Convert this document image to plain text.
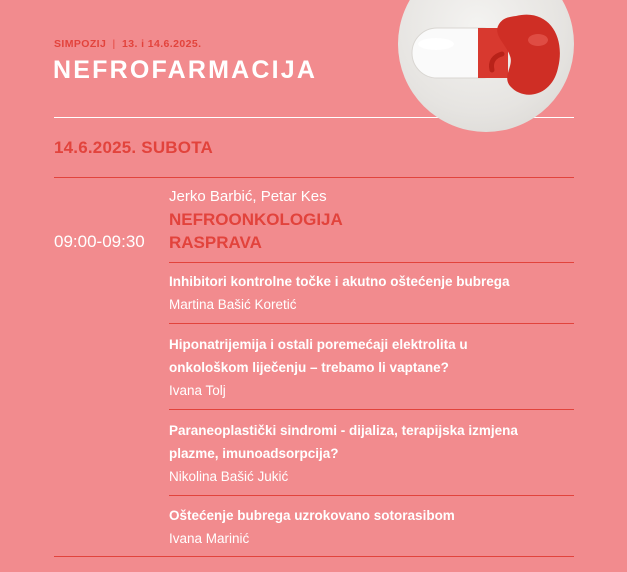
SIMPOZIJ | 13. i 14.6.2025.
NEFROFARMACIJA
14.6.2025. SUBOTA
Jerko Barbić, Petar Kes
NEFROONKOLOGIJA
RASPRAVA
09:00-09:30
Inhibitori kontrolne točke i akutno oštećenje bubrega
Martina Bašić Koretić
Hiponatrijemija i ostali poremećaji elektrolita u
onkološkom liječenju – trebamo li vaptane?
Ivana Tolj
Paraneoplastički sindromi - dijaliza, terapijska izmjena
plazme, imunoadsorpcija?
Nikolina Bašić Jukić
Oštećenje bubrega uzrokovano sotorasibom
Ivana Marinić
